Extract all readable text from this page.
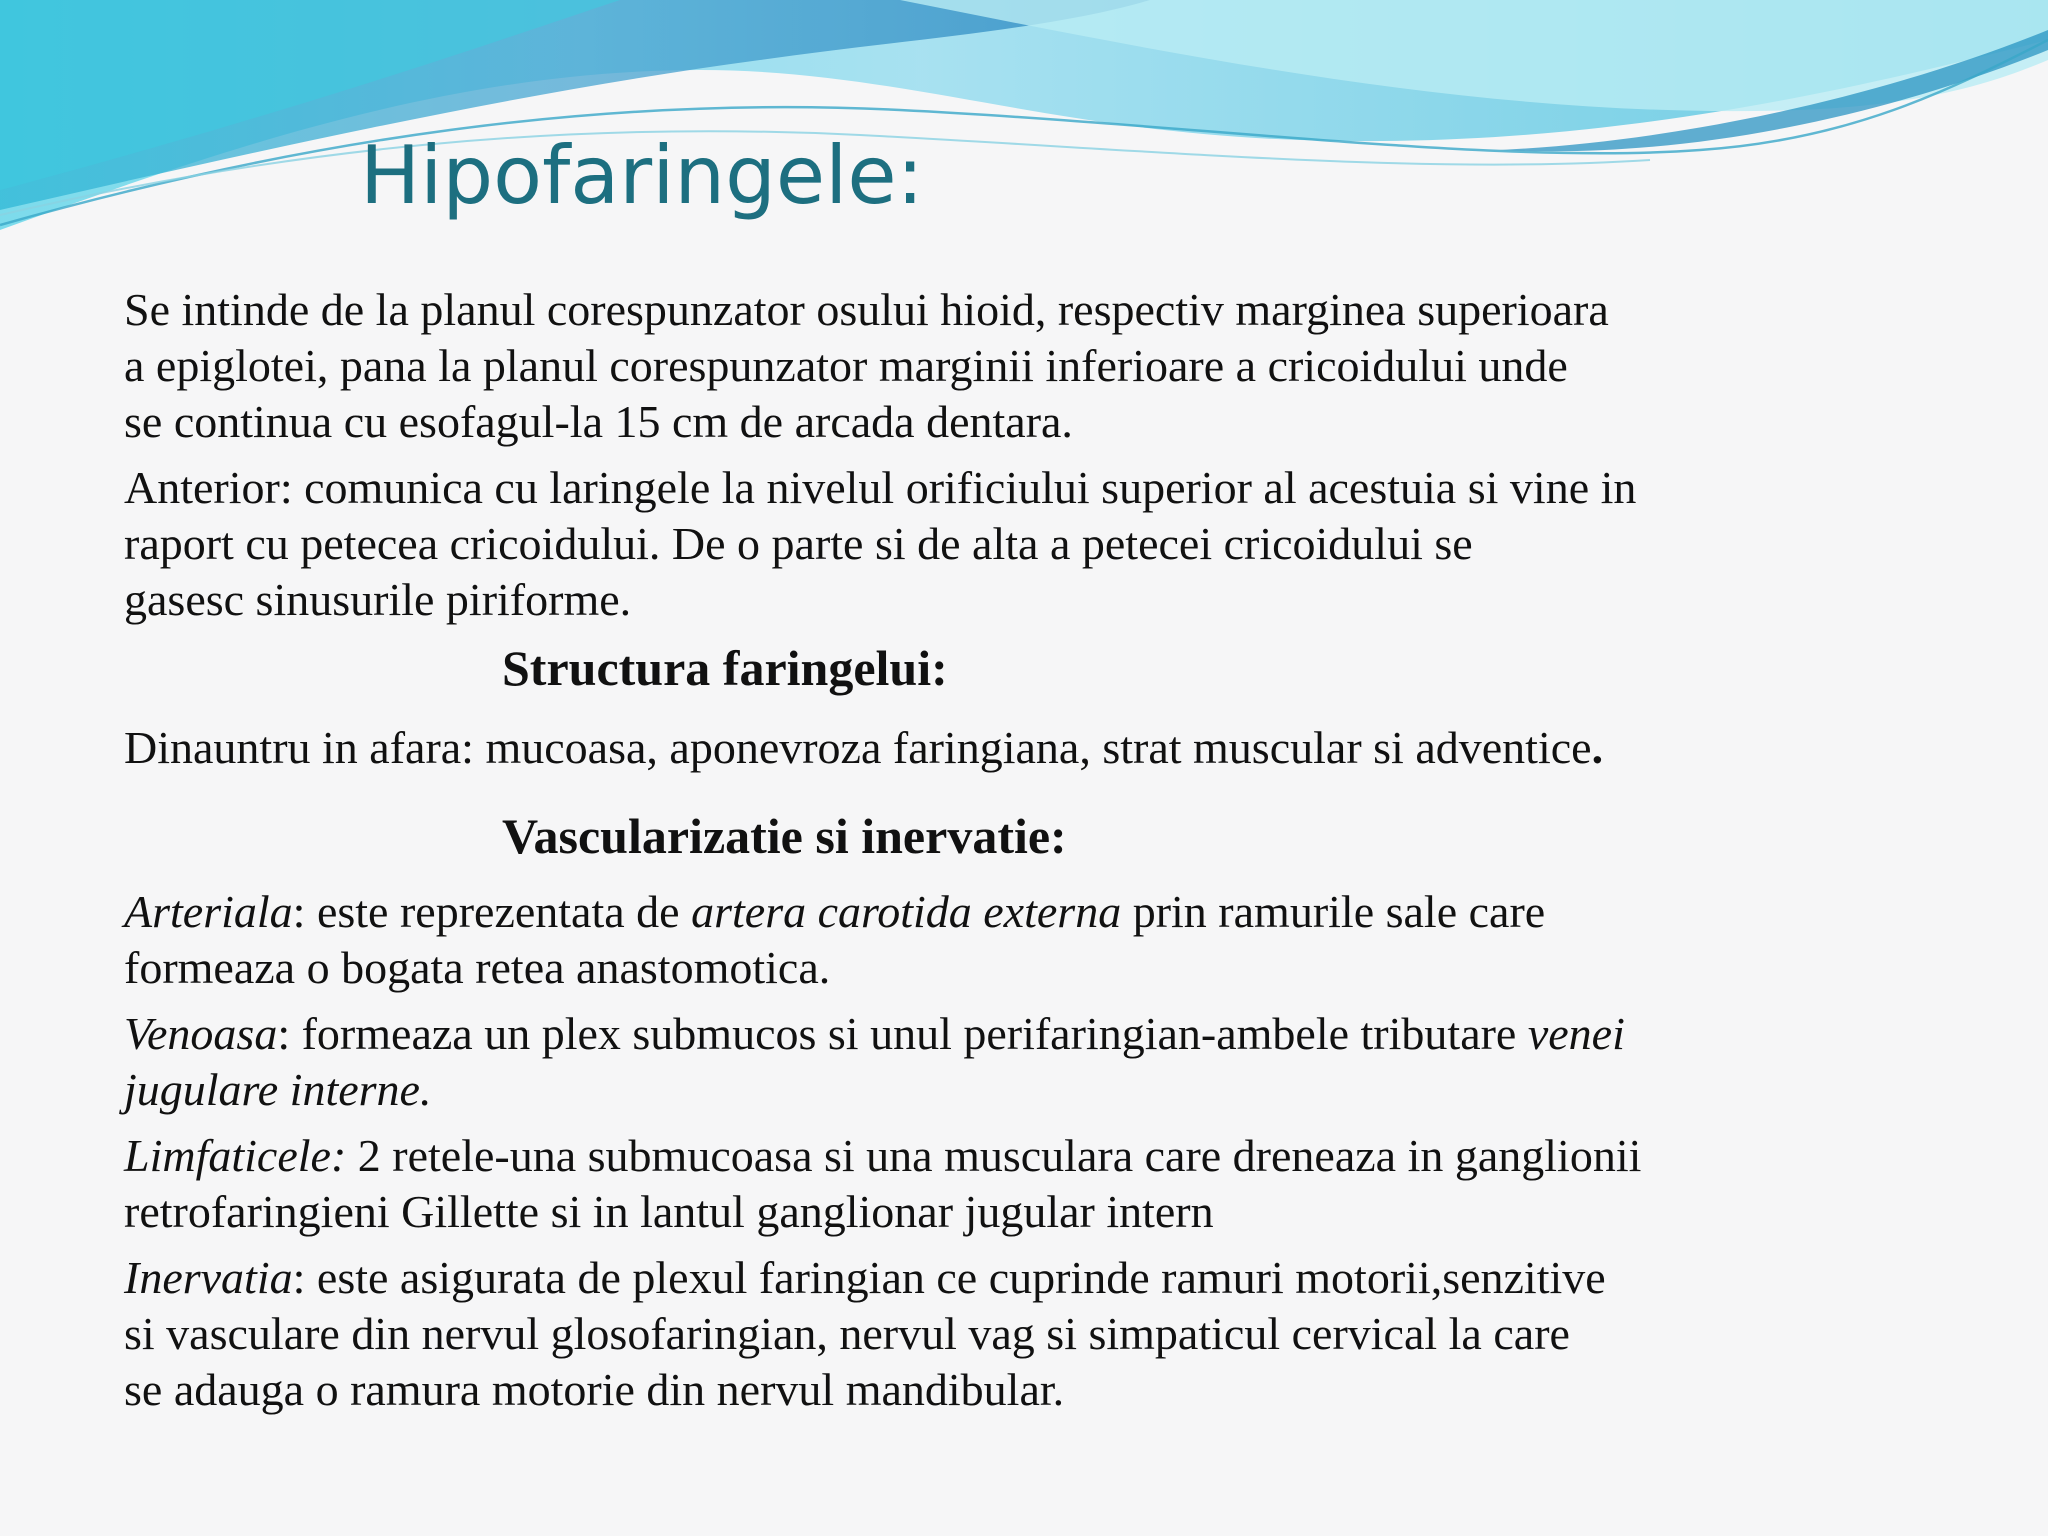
Hipofaringele:

Se intinde de la planul corespunzator osului hioid, respectiv marginea superioara
a epiglotei, pana la planul corespunzator marginii inferioare a cricoidului unde
se continua cu esofagul-la 15 cm de arcada dentara.

Anterior: comunica cu laringele la nivelul orificiului superior al acestuia si vine in
raport cu petecea cricoidului. De o parte si de alta a petecei cricoidului se
gasesc sinusurile piriforme.

Structura faringelui:

Dinauntru in afara: mucoasa, aponevroza faringiana, strat muscular si adventice.

Vascularizatie si inervatie:

Arteriala: este reprezentata de artera carotida externa prin ramurile sale care
formeaza o bogata retea anastomotica.

Venoasa: formeaza un plex submucos si unul perifaringian-ambele tributare venei
jugulare interne.

Limfaticele: 2 retele-una submucoasa si una musculara care dreneaza in ganglionii
retrofaringieni Gillette si in lantul ganglionar jugular intern

Inervatia: este asigurata de plexul faringian ce cuprinde ramuri motorii,senzitive
si vasculare din nervul glosofaringian, nervul vag si simpaticul cervical la care
se adauga o ramura motorie din nervul mandibular.
